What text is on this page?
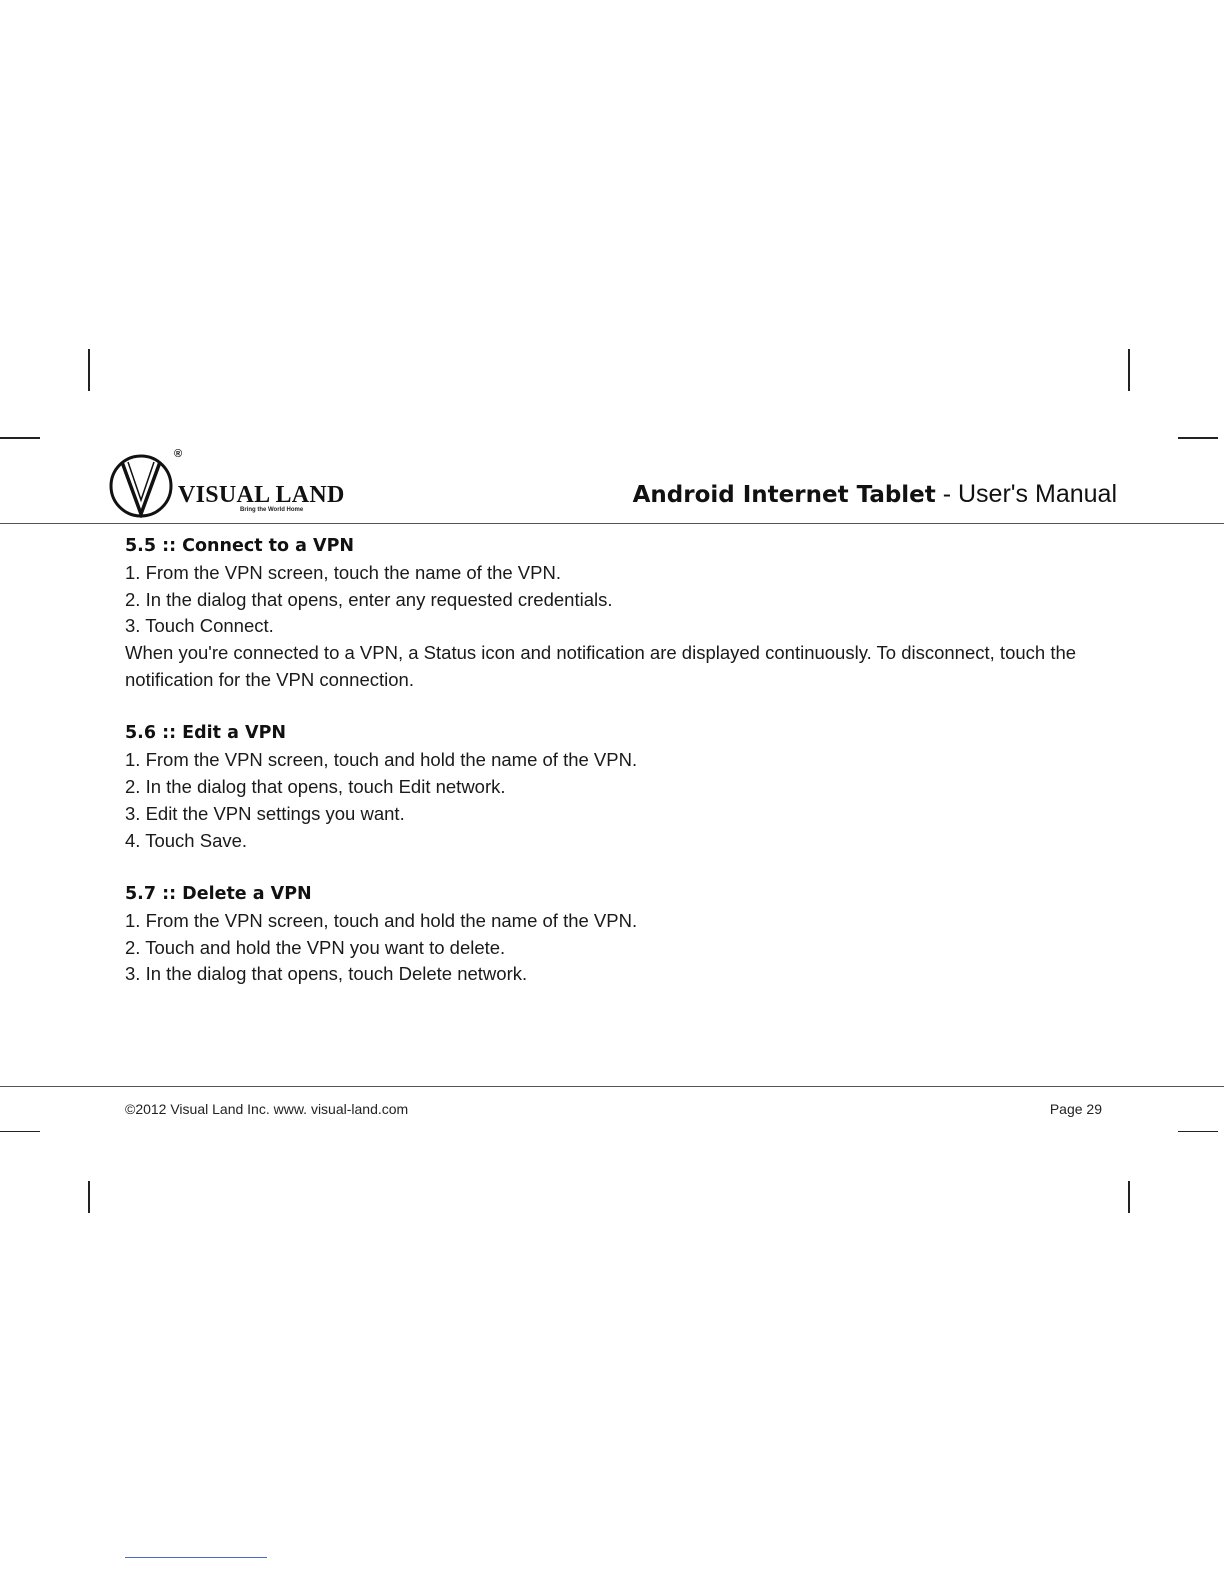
®
VISUAL LAND
Bring the World Home
Android Internet Tablet - User's Manual

5.5 :: Connect to a VPN

1. From the VPN screen, touch the name of the VPN.

2. In the dialog that opens, enter any requested credentials.

3. Touch Connect.

When you're connected to a VPN, a Status icon and notification are displayed continuously. To disconnect, touch the notification for the VPN connection.

5.6 :: Edit a VPN

1. From the VPN screen, touch and hold the name of the VPN.

2. In the dialog that opens, touch Edit network.

3. Edit the VPN settings you want.

4. Touch Save.

5.7 :: Delete a VPN

1. From the VPN screen, touch and hold the name of the VPN.

2. Touch and hold the VPN you want to delete.

3. In the dialog that opens, touch Delete network.

©2012 Visual Land Inc. www. visual-land.com	Page 29
